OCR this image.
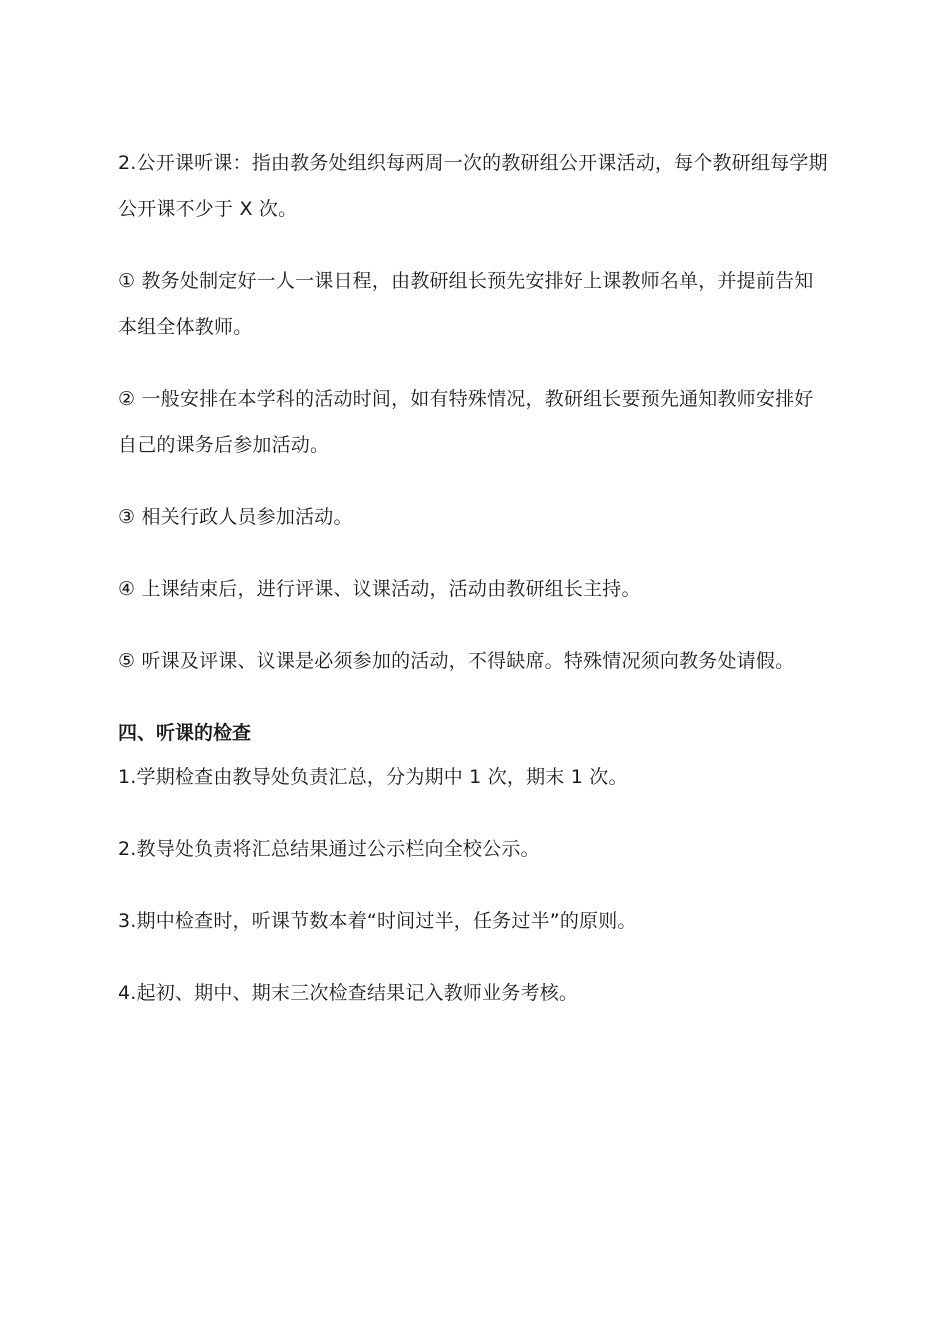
2.公开课听课：指由教务处组织每两周一次的教研组公开课活动，每个教研组每学期公开课不少于 X 次。

① 教务处制定好一人一课日程，由教研组长预先安排好上课教师名单，并提前告知本组全体教师。

② 一般安排在本学科的活动时间，如有特殊情况，教研组长要预先通知教师安排好自己的课务后参加活动。

③ 相关行政人员参加活动。

④ 上课结束后，进行评课、议课活动，活动由教研组长主持。

⑤ 听课及评课、议课是必须参加的活动，不得缺席。特殊情况须向教务处请假。

四、听课的检查

1.学期检查由教导处负责汇总，分为期中 1 次，期末 1 次。

2.教导处负责将汇总结果通过公示栏向全校公示。

3.期中检查时，听课节数本着“时间过半，任务过半”的原则。

4.起初、期中、期末三次检查结果记入教师业务考核。
